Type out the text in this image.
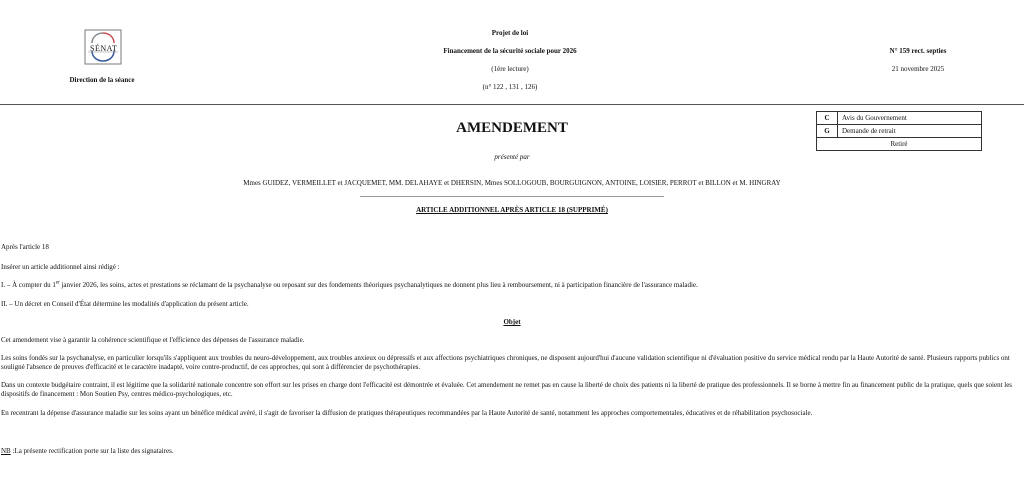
SÉNAT
Direction de la séance
Projet de loi
Financement de la sécurité sociale pour 2026
(1ère lecture)
(n° 122 , 131 , 126)
N° 159 rect. septies
21 novembre 2025
C	Avis du Gouvernement
G	Demande de retrait
Retiré	
AMENDEMENT
présenté par
Mmes GUIDEZ, VERMEILLET et JACQUEMET, MM. DELAHAYE et DHERSIN, Mmes SOLLOGOUB, BOURGUIGNON, ANTOINE, LOISIER, PERROT et BILLON et M. HINGRAY
ARTICLE ADDITIONNEL APRÈS ARTICLE 18 (SUPPRIMÉ)
Après l'article 18
Insérer un article additionnel ainsi rédigé :
I. – À compter du 1er janvier 2026, les soins, actes et prestations se réclamant de la psychanalyse ou reposant sur des fondements théoriques psychanalytiques ne donnent plus lieu à remboursement, ni à participation financière de l'assurance maladie.
II. – Un décret en Conseil d'État détermine les modalités d'application du présent article.
Objet
Cet amendement vise à garantir la cohérence scientifique et l'efficience des dépenses de l'assurance maladie.
Les soins fondés sur la psychanalyse, en particulier lorsqu'ils s'appliquent aux troubles du neuro-développement, aux troubles anxieux ou dépressifs et aux affections psychiatriques chroniques, ne disposent aujourd'hui d'aucune validation scientifique ni d'évaluation positive du service médical rendu par la Haute Autorité de santé. Plusieurs rapports publics ont souligné l'absence de preuves d'efficacité et le caractère inadapté, voire contre-productif, de ces approches, qui sont à différencier de psychothérapies.
Dans un contexte budgétaire contraint, il est légitime que la solidarité nationale concentre son effort sur les prises en charge dont l'efficacité est démontrée et évaluée. Cet amendement ne remet pas en cause la liberté de choix des patients ni la liberté de pratique des professionnels. Il se borne à mettre fin au financement public de la pratique, quels que soient les dispositifs de financement : Mon Soutien Psy, centres médico-psychologiques, etc.
En recentrant la dépense d'assurance maladie sur les soins ayant un bénéfice médical avéré, il s'agit de favoriser la diffusion de pratiques thérapeutiques recommandées par la Haute Autorité de santé, notamment les approches comportementales, éducatives et de réhabilitation psychosociale.
NB :La présente rectification porte sur la liste des signataires.
